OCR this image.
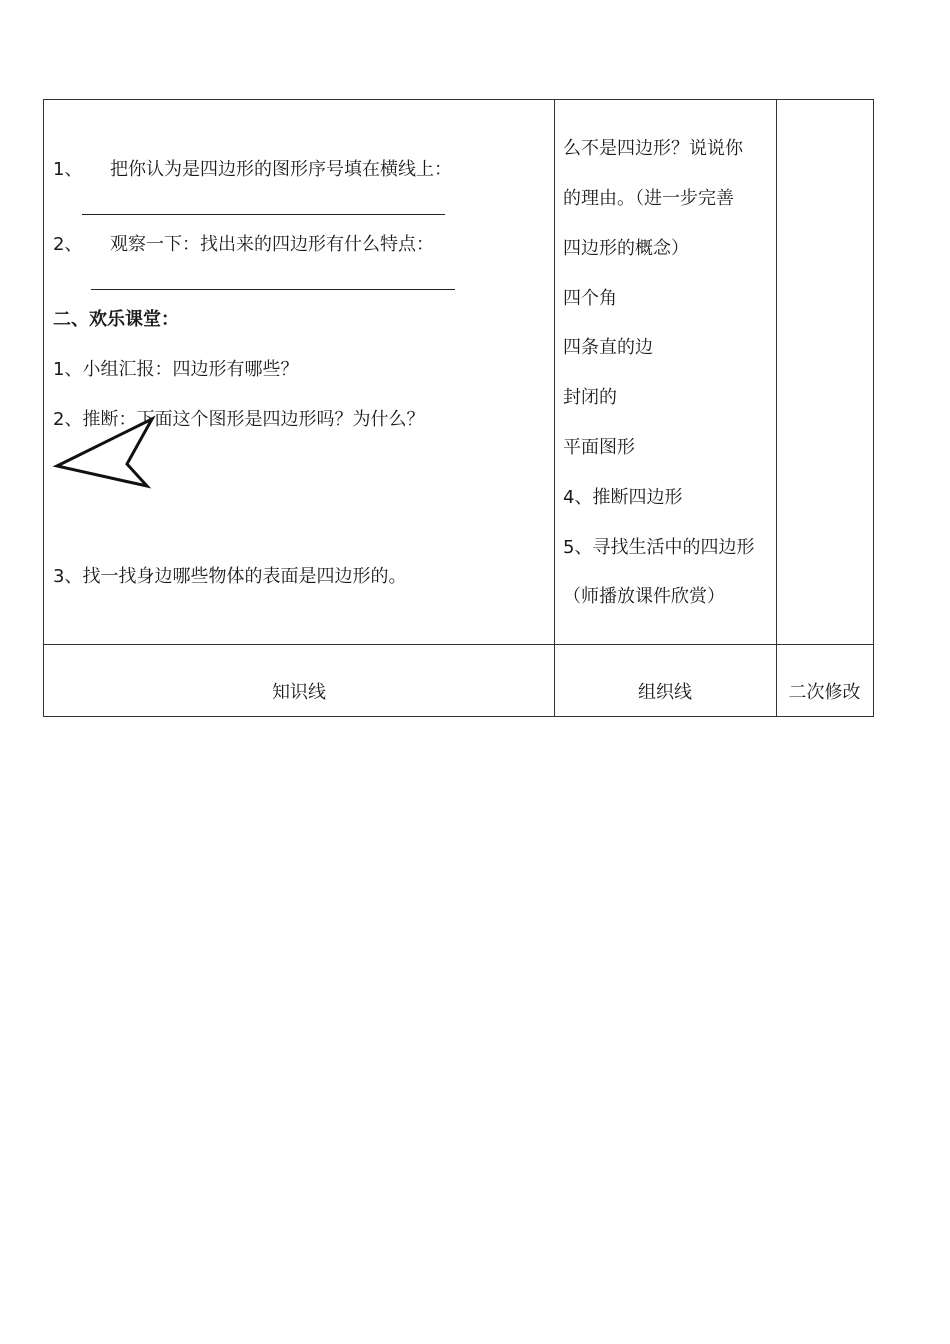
1、 把你认为是四边形的图形序号填在横线上：
2、 观察一下：找出来的四边形有什么特点：
二、欢乐课堂：
1、小组汇报：四边形有哪些？
2、推断：下面这个图形是四边形吗？为什么？
3、找一找身边哪些物体的表面是四边形的。
么不是四边形？说说你
的理由。（进一步完善
四边形的概念）
四个角
四条直的边
封闭的
平面图形
4、推断四边形
5、寻找生活中的四边形
（师播放课件欣赏）
知识线	组织线	二次修改
